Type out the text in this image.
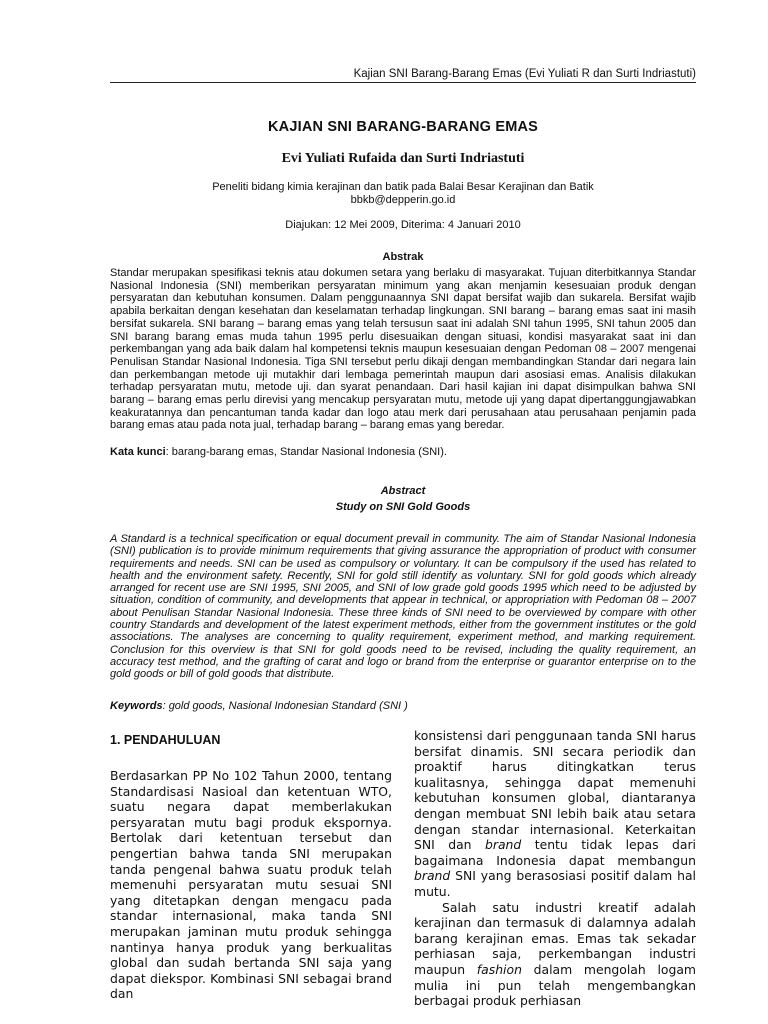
Kajian SNI Barang-Barang Emas (Evi Yuliati R dan Surti Indriastuti)
KAJIAN SNI BARANG-BARANG EMAS
Evi Yuliati Rufaida dan Surti Indriastuti
Peneliti bidang kimia kerajinan dan batik pada Balai Besar Kerajinan dan Batik
bbkb@depperin.go.id
Diajukan: 12 Mei 2009, Diterima: 4 Januari 2010
Abstrak

Standar merupakan spesifikasi teknis atau dokumen setara yang berlaku di masyarakat. Tujuan diterbitkannya Standar Nasional Indonesia (SNI) memberikan persyaratan minimum yang akan menjamin kesesuaian produk dengan persyaratan dan kebutuhan konsumen. Dalam penggunaannya SNI dapat bersifat wajib dan sukarela. Bersifat wajib apabila berkaitan dengan kesehatan dan keselamatan terhadap lingkungan. SNI barang – barang emas saat ini masih bersifat sukarela. SNI barang – barang emas yang telah tersusun saat ini adalah SNI tahun 1995, SNI tahun 2005 dan SNI barang barang emas muda tahun 1995 perlu disesuaikan dengan situasi, kondisi masyarakat saat ini dan perkembangan yang ada baik dalam hal kompetensi teknis maupun kesesuaian dengan Pedoman 08 – 2007 mengenai Penulisan Standar Nasional Indonesia. Tiga SNI tersebut perlu dikaji dengan membandingkan Standar dari negara lain dan perkembangan metode uji mutakhir dari lembaga pemerintah maupun dari asosiasi emas. Analisis dilakukan terhadap persyaratan mutu, metode uji. dan syarat penandaan. Dari hasil kajian ini dapat disimpulkan bahwa SNI barang – barang emas perlu direvisi yang mencakup persyaratan mutu, metode uji yang dapat dipertanggungjawabkan keakuratannya dan pencantuman tanda kadar dan logo atau merk dari perusahaan atau perusahaan penjamin pada barang emas atau pada nota jual, terhadap barang – barang emas yang beredar.

Kata kunci: barang-barang emas, Standar Nasional Indonesia (SNI).

Abstract
Study on SNI Gold Goods

A Standard is a technical specification or equal document prevail in community. The aim of Standar Nasional Indonesia (SNI) publication is to provide minimum requirements that giving assurance the appropriation of product with consumer requirements and needs. SNI can be used as compulsory or voluntary. It can be compulsory if the used has related to health and the environment safety. Recently, SNI for gold still identify as voluntary. SNI for gold goods which already arranged for recent use are SNI 1995, SNI 2005, and SNI of low grade gold goods 1995 which need to be adjusted by situation, condition of community, and developments that appear in technical, or appropriation with Pedoman 08 – 2007 about Penulisan Standar Nasional Indonesia. These three kinds of SNI need to be overviewed by compare with other country Standards and development of the latest experiment methods, either from the government institutes or the gold associations. The analyses are concerning to quality requirement, experiment method, and marking requirement. Conclusion for this overview is that SNI for gold goods need to be revised, including the quality requirement, an accuracy test method, and the grafting of carat and logo or brand from the enterprise or guarantor enterprise on to the gold goods or bill of gold goods that distribute.

Keywords: gold goods, Nasional Indonesian Standard (SNI )

1. PENDAHULUAN

Berdasarkan PP No 102 Tahun 2000, tentang Standardisasi Nasioal dan ketentuan WTO, suatu negara dapat memberlakukan persyaratan mutu bagi produk ekspornya. Bertolak dari ketentuan tersebut dan pengertian bahwa tanda SNI merupakan tanda pengenal bahwa suatu produk telah memenuhi persyaratan mutu sesuai SNI yang ditetapkan dengan mengacu pada standar internasional, maka tanda SNI merupakan jaminan mutu produk sehingga nantinya hanya produk yang berkualitas global dan sudah bertanda SNI saja yang dapat diekspor. Kombinasi SNI sebagai brand dan

konsistensi dari penggunaan tanda SNI harus bersifat dinamis. SNI secara periodik dan proaktif harus ditingkatkan terus kualitasnya, sehingga dapat memenuhi kebutuhan konsumen global, diantaranya dengan membuat SNI lebih baik atau setara dengan standar internasional. Keterkaitan SNI dan brand tentu tidak lepas dari bagaimana Indonesia dapat membangun brand SNI yang berasosiasi positif dalam hal mutu.

Salah satu industri kreatif adalah kerajinan dan termasuk di dalamnya adalah barang kerajinan emas. Emas tak sekadar perhiasan saja, perkembangan industri maupun fashion dalam mengolah logam mulia ini pun telah mengembangkan berbagai produk perhiasan
